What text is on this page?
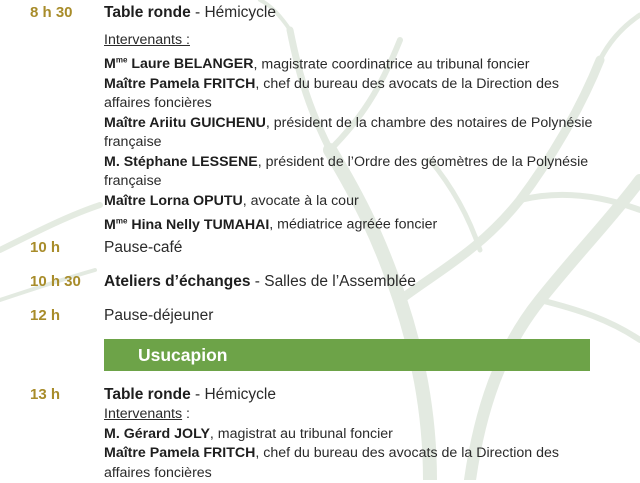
8 h 30 Table ronde - Hémicycle
Intervenants :
$M^{me}$ Laure BELANGER, magistrate coordinatrice au tribunal foncier
Maître Pamela FRITCH, chef du bureau des avocats de la Direction des affaires foncières
Maître Ariitu GUICHENU, président de la chambre des notaires de Polynésie française
M. Stéphane LESSENE, président de l’Ordre des géomètres de la Polynésie française
Maître Lorna OPUTU, avocate à la cour
$M^{me}$ Hina Nelly TUMAHAI, médiatrice agréée foncier
10 h	Pause-café
10 h 30 Ateliers d’échanges - Salles de l’Assemblée
12 h	Pause-déjeuner
Usucapion
13 h	Table ronde - Hémicycle
Intervenants :
M. Gérard JOLY, magistrat au tribunal foncier
Maître Pamela FRITCH, chef du bureau des avocats de la Direction des affaires foncières
